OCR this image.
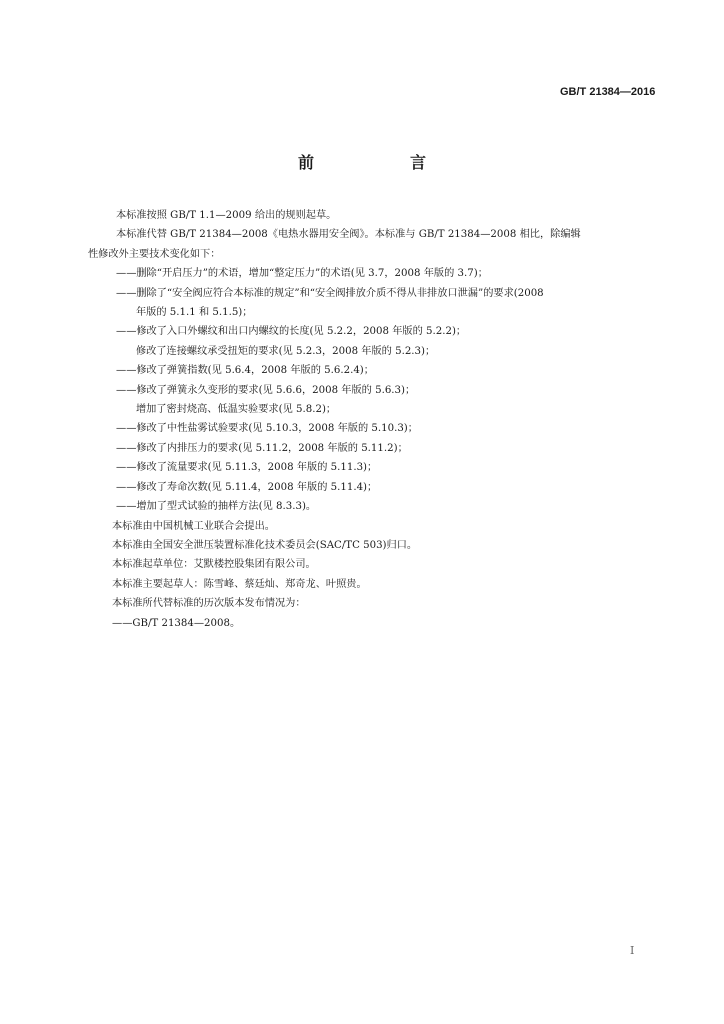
GB/T 21384—2016
前　言

本标准按照 GB/T 1.1—2009 给出的规则起草。

本标准代替 GB/T 21384—2008《电热水器用安全阀》。本标准与 GB/T 21384—2008 相比，除编辑

性修改外主要技术变化如下：

——删除“开启压力”的术语，增加“整定压力”的术语(见 3.7，2008 年版的 3.7)；

——删除了“安全阀应符合本标准的规定”和“安全阀排放介质不得从非排放口泄漏”的要求(2008

年版的 5.1.1 和 5.1.5)；

——修改了入口外螺纹和出口内螺纹的长度(见 5.2.2，2008 年版的 5.2.2)；

修改了连接螺纹承受扭矩的要求(见 5.2.3，2008 年版的 5.2.3)；

——修改了弹簧指数(见 5.6.4，2008 年版的 5.6.2.4)；

——修改了弹簧永久变形的要求(见 5.6.6，2008 年版的 5.6.3)；

增加了密封烧高、低温实验要求(见 5.8.2)；

——修改了中性盐雾试验要求(见 5.10.3，2008 年版的 5.10.3)；

——修改了内排压力的要求(见 5.11.2，2008 年版的 5.11.2)；

——修改了流量要求(见 5.11.3，2008 年版的 5.11.3)；

——修改了寿命次数(见 5.11.4，2008 年版的 5.11.4)；

——增加了型式试验的抽样方法(见 8.3.3)。

本标准由中国机械工业联合会提出。

本标准由全国安全泄压装置标准化技术委员会(SAC/TC 503)归口。

本标准起草单位：艾默楼控股集团有限公司。

本标准主要起草人：陈雪峰、蔡廷灿、郑奇龙、叶照贵。

本标准所代替标准的历次版本发布情况为：

——GB/T 21384—2008。

I
